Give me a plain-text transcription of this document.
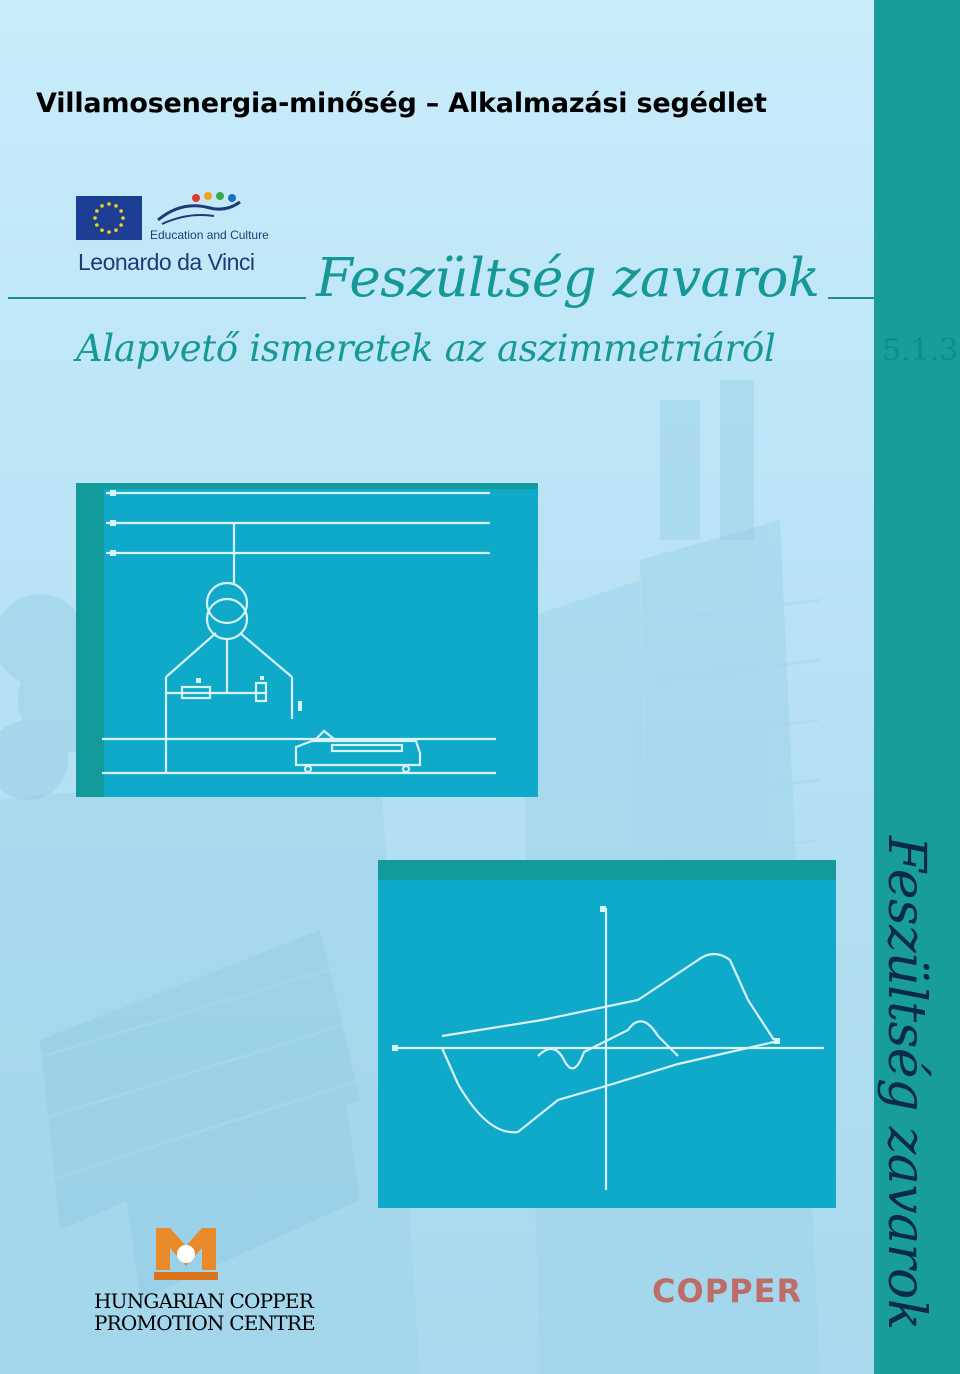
Villamosenergia-minőség – Alkalmazási segédlet
Education and Culture
Leonardo da Vinci Feszültség zavarok
Alapvető ismeretek az aszimmetriáról	5.1.3
Feszültség zavarok
HUNGARIAN COPPER
PROMOTION CENTRE
COPPER
